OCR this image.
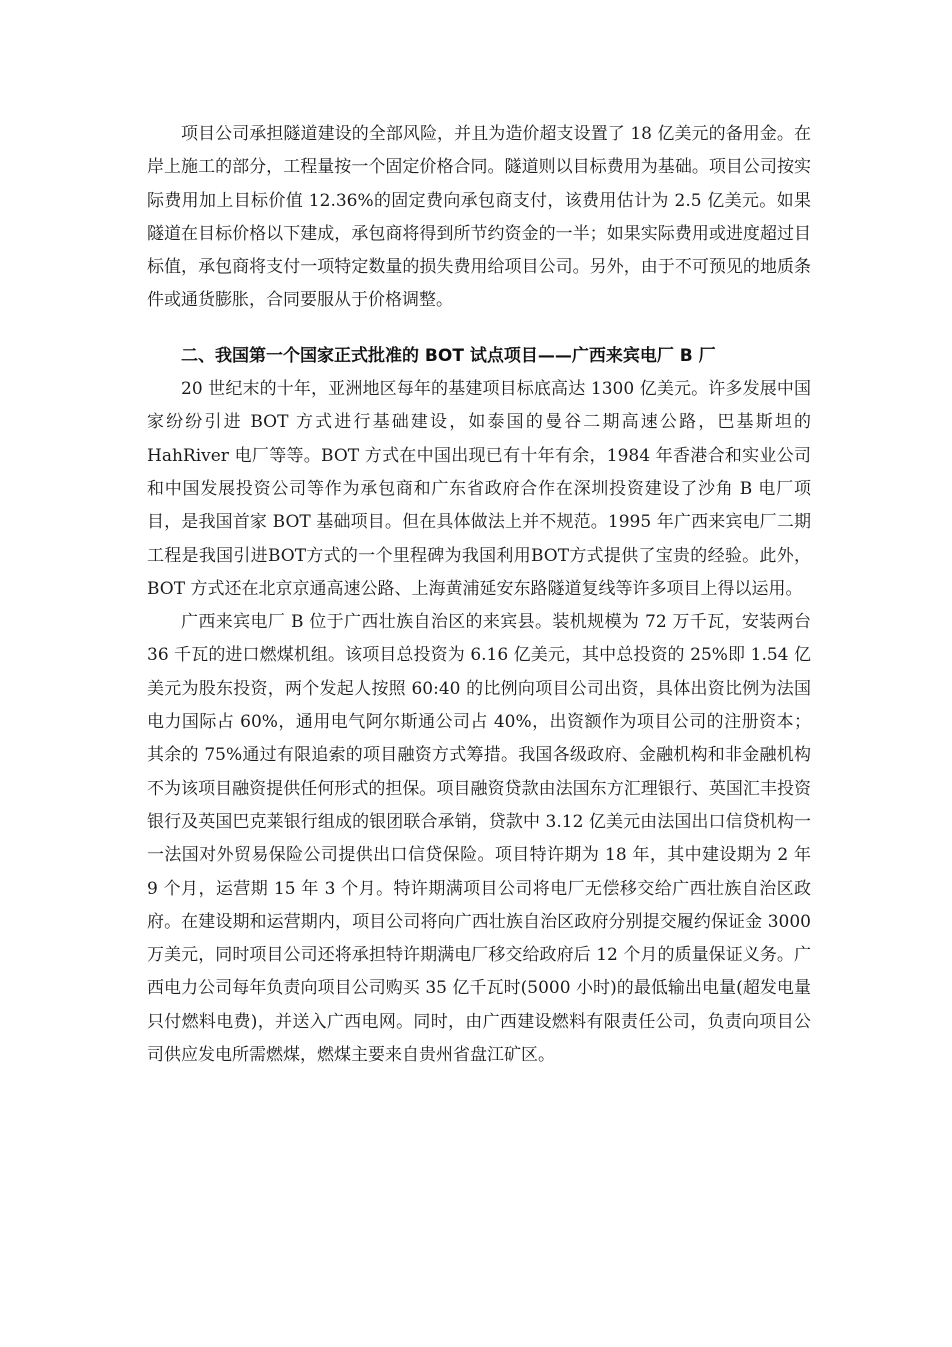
项目公司承担隧道建设的全部风险，并且为造价超支设置了 18 亿美元的备用金。在岸上施工的部分，工程量按一个固定价格合同。隧道则以目标费用为基础。项目公司按实际费用加上目标价值 12.36%的固定费向承包商支付，该费用估计为 2.5 亿美元。如果隧道在目标价格以下建成，承包商将得到所节约资金的一半；如果实际费用或进度超过目标值，承包商将支付一项特定数量的损失费用给项目公司。另外，由于不可预见的地质条件或通货膨胀，合同要服从于价格调整。

二、我国第一个国家正式批准的 BOT 试点项目——广西来宾电厂 B 厂

20 世纪末的十年，亚洲地区每年的基建项目标底高达 1300 亿美元。许多发展中国家纷纷引进 BOT 方式进行基础建设，如泰国的曼谷二期高速公路，巴基斯坦的 HahRiver 电厂等等。BOT 方式在中国出现已有十年有余，1984 年香港合和实业公司和中国发展投资公司等作为承包商和广东省政府合作在深圳投资建设了沙角 B 电厂项目，是我国首家 BOT 基础项目。但在具体做法上并不规范。1995 年广西来宾电厂二期工程是我国引进BOT方式的一个里程碑为我国利用BOT方式提供了宝贵的经验。此外，BOT 方式还在北京京通高速公路、上海黄浦延安东路隧道复线等许多项目上得以运用。

广西来宾电厂 B 位于广西壮族自治区的来宾县。装机规模为 72 万千瓦，安装两台 36 千瓦的进口燃煤机组。该项目总投资为 6.16 亿美元，其中总投资的 25%即 1.54 亿美元为股东投资，两个发起人按照 60:40 的比例向项目公司出资，具体出资比例为法国电力国际占 60%，通用电气阿尔斯通公司占 40%，出资额作为项目公司的注册资本；其余的 75%通过有限追索的项目融资方式筹措。我国各级政府、金融机构和非金融机构不为该项目融资提供任何形式的担保。项目融资贷款由法国东方汇理银行、英国汇丰投资银行及英国巴克莱银行组成的银团联合承销，贷款中 3.12 亿美元由法国出口信贷机构一一法国对外贸易保险公司提供出口信贷保险。项目特许期为 18 年，其中建设期为 2 年 9 个月，运营期 15 年 3 个月。特许期满项目公司将电厂无偿移交给广西壮族自治区政府。在建设期和运营期内，项目公司将向广西壮族自治区政府分别提交履约保证金 3000 万美元，同时项目公司还将承担特许期满电厂移交给政府后 12 个月的质量保证义务。广西电力公司每年负责向项目公司购买 35 亿千瓦时(5000 小时)的最低输出电量(超发电量只付燃料电费)，并送入广西电网。同时，由广西建设燃料有限责任公司，负责向项目公司供应发电所需燃煤，燃煤主要来自贵州省盘江矿区。
